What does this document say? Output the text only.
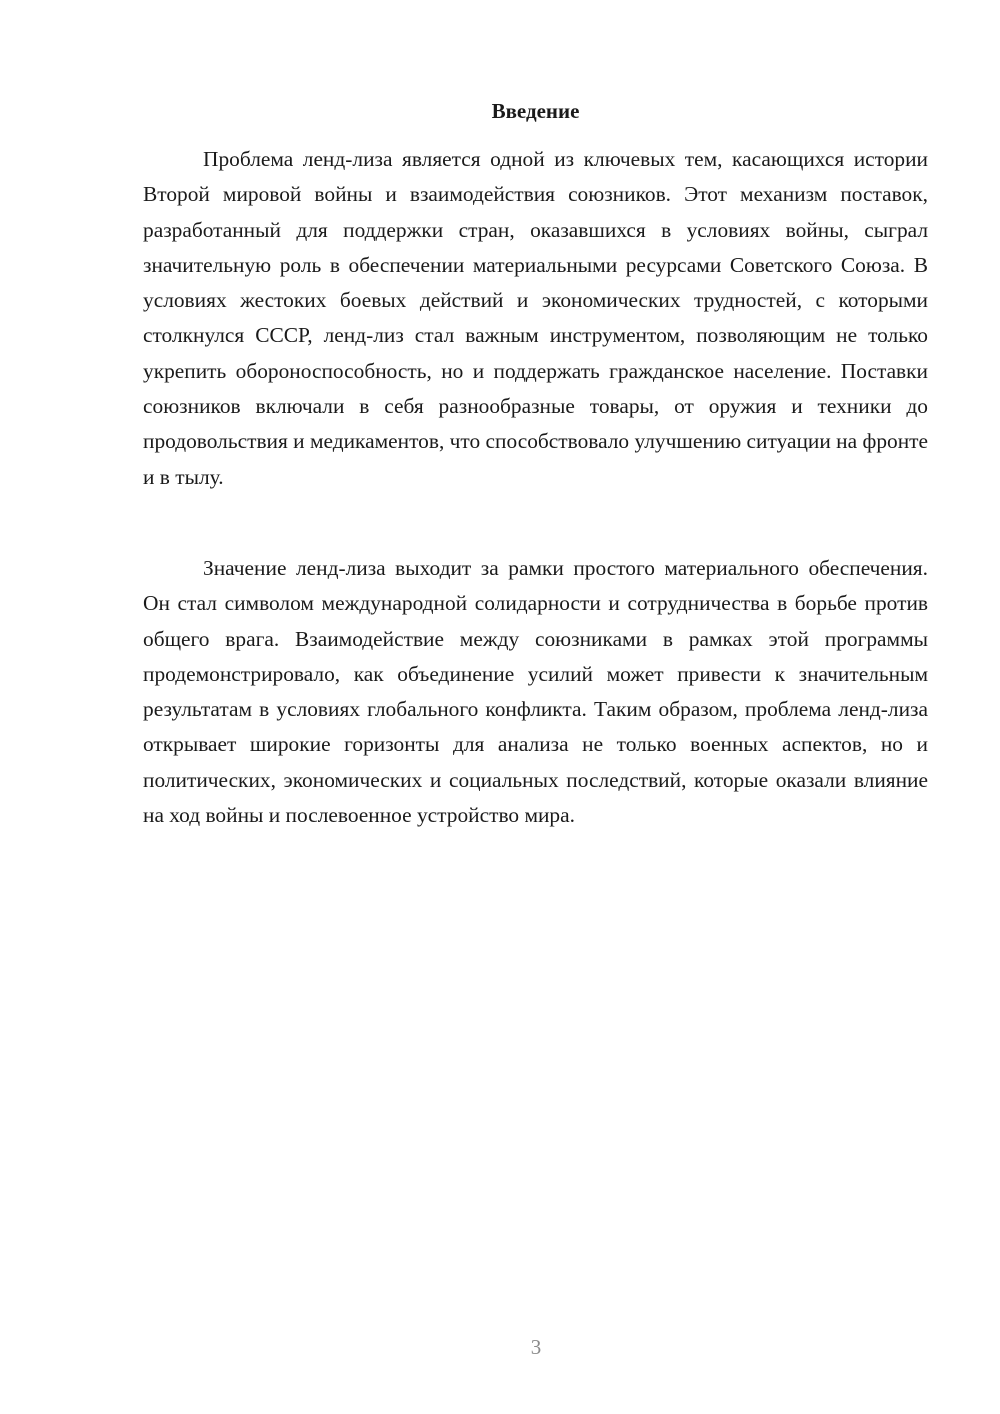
Введение

Проблема ленд-лиза является одной из ключевых тем, касающихся истории Второй мировой войны и взаимодействия союзников. Этот механизм поставок, разработанный для поддержки стран, оказавшихся в условиях войны, сыграл значительную роль в обеспечении материальными ресурсами Советского Союза. В условиях жестоких боевых действий и экономических трудностей, с которыми столкнулся СССР, ленд-лиз стал важным инструментом, позволяющим не только укрепить обороноспособность, но и поддержать гражданское население. Поставки союзников включали в себя разнообразные товары, от оружия и техники до продовольствия и медикаментов, что способствовало улучшению ситуации на фронте и в тылу.

Значение ленд-лиза выходит за рамки простого материального обеспечения. Он стал символом международной солидарности и сотрудничества в борьбе против общего врага. Взаимодействие между союзниками в рамках этой программы продемонстрировало, как объединение усилий может привести к значительным результатам в условиях глобального конфликта. Таким образом, проблема ленд-лиза открывает широкие горизонты для анализа не только военных аспектов, но и политических, экономических и социальных последствий, которые оказали влияние на ход войны и послевоенное устройство мира.

3
